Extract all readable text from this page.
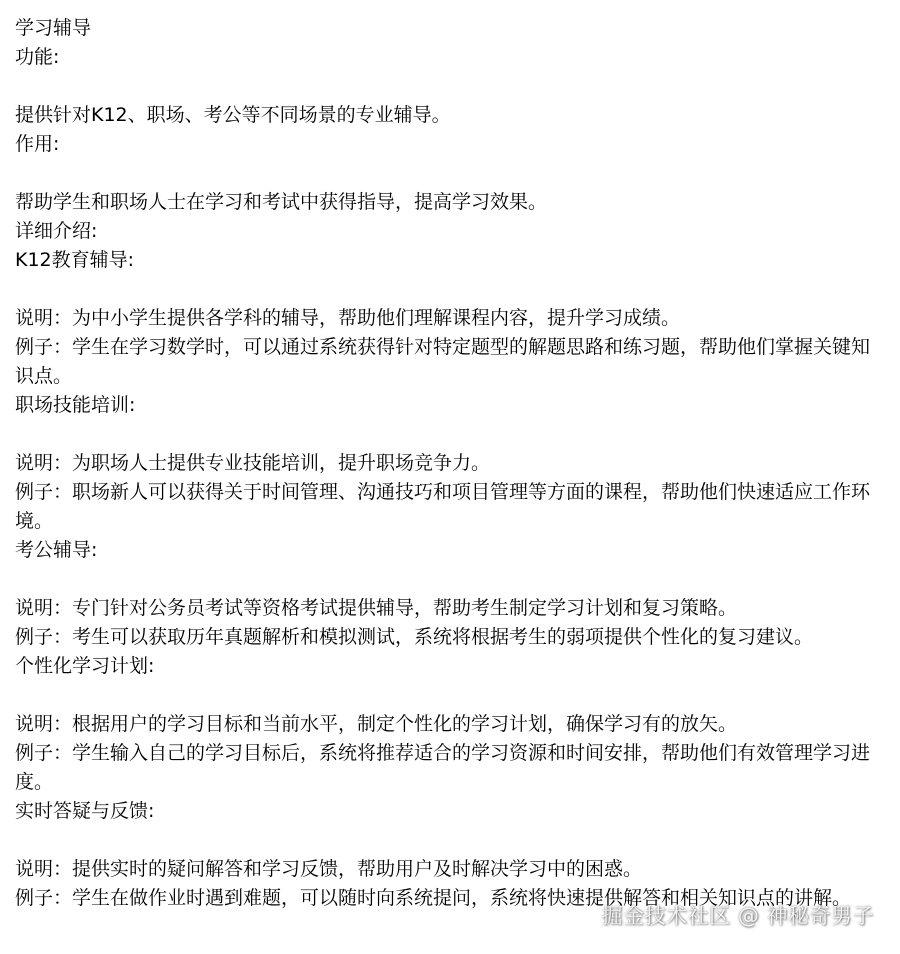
学习辅导
功能:
提供针对K12、职场、考公等不同场景的专业辅导。
作用:
帮助学生和职场人士在学习和考试中获得指导，提高学习效果。
详细介绍:
K12教育辅导:
说明：为中小学生提供各学科的辅导，帮助他们理解课程内容，提升学习成绩。
例子：学生在学习数学时，可以通过系统获得针对特定题型的解题思路和练习题，帮助他们掌握关键知识点。
职场技能培训:
说明：为职场人士提供专业技能培训，提升职场竞争力。
例子：职场新人可以获得关于时间管理、沟通技巧和项目管理等方面的课程，帮助他们快速适应工作环境。
考公辅导:
说明：专门针对公务员考试等资格考试提供辅导，帮助考生制定学习计划和复习策略。
例子：考生可以获取历年真题解析和模拟测试，系统将根据考生的弱项提供个性化的复习建议。
个性化学习计划:
说明：根据用户的学习目标和当前水平，制定个性化的学习计划，确保学习有的放矢。
例子：学生输入自己的学习目标后，系统将推荐适合的学习资源和时间安排，帮助他们有效管理学习进度。
实时答疑与反馈:
说明：提供实时的疑问解答和学习反馈，帮助用户及时解决学习中的困惑。
例子：学生在做作业时遇到难题，可以随时向系统提问，系统将快速提供解答和相关知识点的讲解。
掘金技术社区 @ 神秘奇男子
